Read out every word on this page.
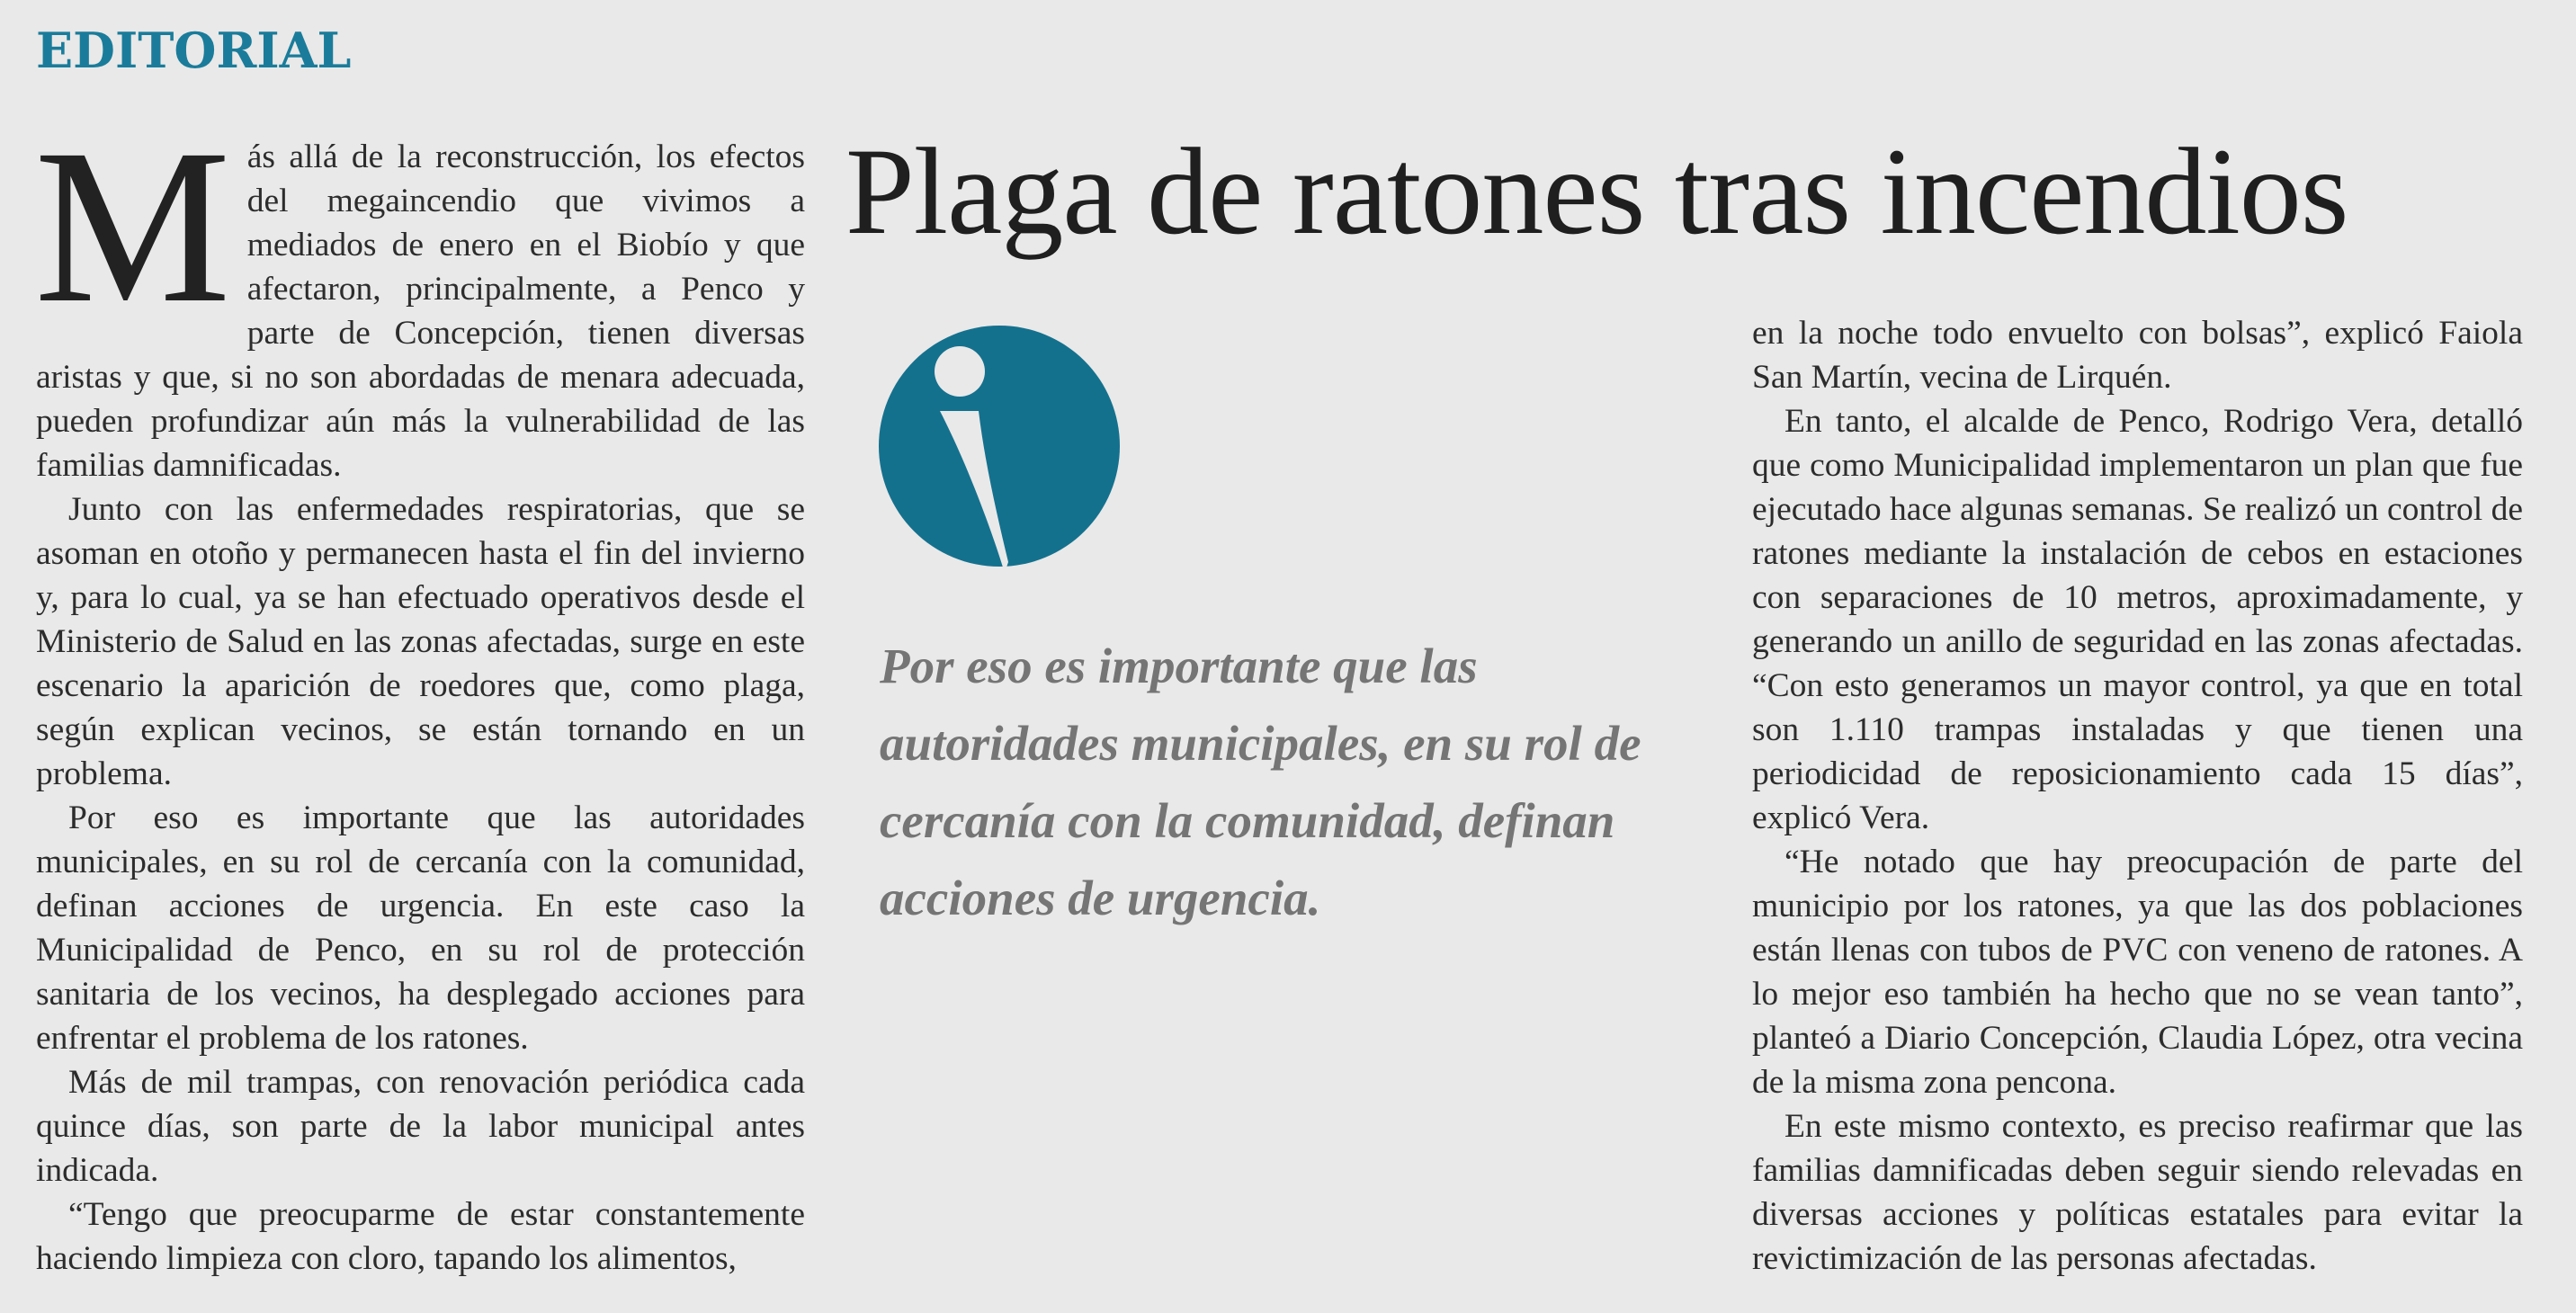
EDITORIAL

Más allá de la reconstrucción, los efectos del megaincendio que vivimos a mediados de enero en el Biobío y que afectaron, principalmente, a Penco y parte de Concepción, tienen diversas aristas y que, si no son abordadas de menara adecuada, pueden profundizar aún más la vulnerabilidad de las familias damnificadas.

Junto con las enfermedades respiratorias, que se asoman en otoño y permanecen hasta el fin del invierno y, para lo cual, ya se han efectuado operativos desde el Ministerio de Salud en las zonas afectadas, surge en este escenario la aparición de roedores que, como plaga, según explican vecinos, se están tornando en un problema.

Por eso es importante que las autoridades municipales, en su rol de cercanía con la comunidad, definan acciones de urgencia. En este caso la Municipalidad de Penco, en su rol de protección sanitaria de los vecinos, ha desplegado acciones para enfrentar el problema de los ratones.

Más de mil trampas, con renovación periódica cada quince días, son parte de la labor municipal antes indicada.

“Tengo que preocuparme de estar constantemente haciendo limpieza con cloro, tapando los alimentos,

Plaga de ratones tras incendios

Por eso es importante que las autoridades municipales, en su rol de cercanía con la comunidad, definan acciones de urgencia.

en la noche todo envuelto con bolsas”, explicó Faiola San Martín, vecina de Lirquén.

En tanto, el alcalde de Penco, Rodrigo Vera, detalló que como Municipalidad implementaron un plan que fue ejecutado hace algunas semanas. Se realizó un control de ratones mediante la instalación de cebos en estaciones con separaciones de 10 metros, aproximadamente, y generando un anillo de seguridad en las zonas afectadas. “Con esto generamos un mayor control, ya que en total son 1.110 trampas instaladas y que tienen una periodicidad de reposicionamiento cada 15 días”, explicó Vera.

“He notado que hay preocupación de parte del municipio por los ratones, ya que las dos poblaciones están llenas con tubos de PVC con veneno de ratones. A lo mejor eso también ha hecho que no se vean tanto”, planteó a Diario Concepción, Claudia López, otra vecina de la misma zona pencona.

En este mismo contexto, es preciso reafirmar que las familias damnificadas deben seguir siendo relevadas en diversas acciones y políticas estatales para evitar la revictimización de las personas afectadas.
